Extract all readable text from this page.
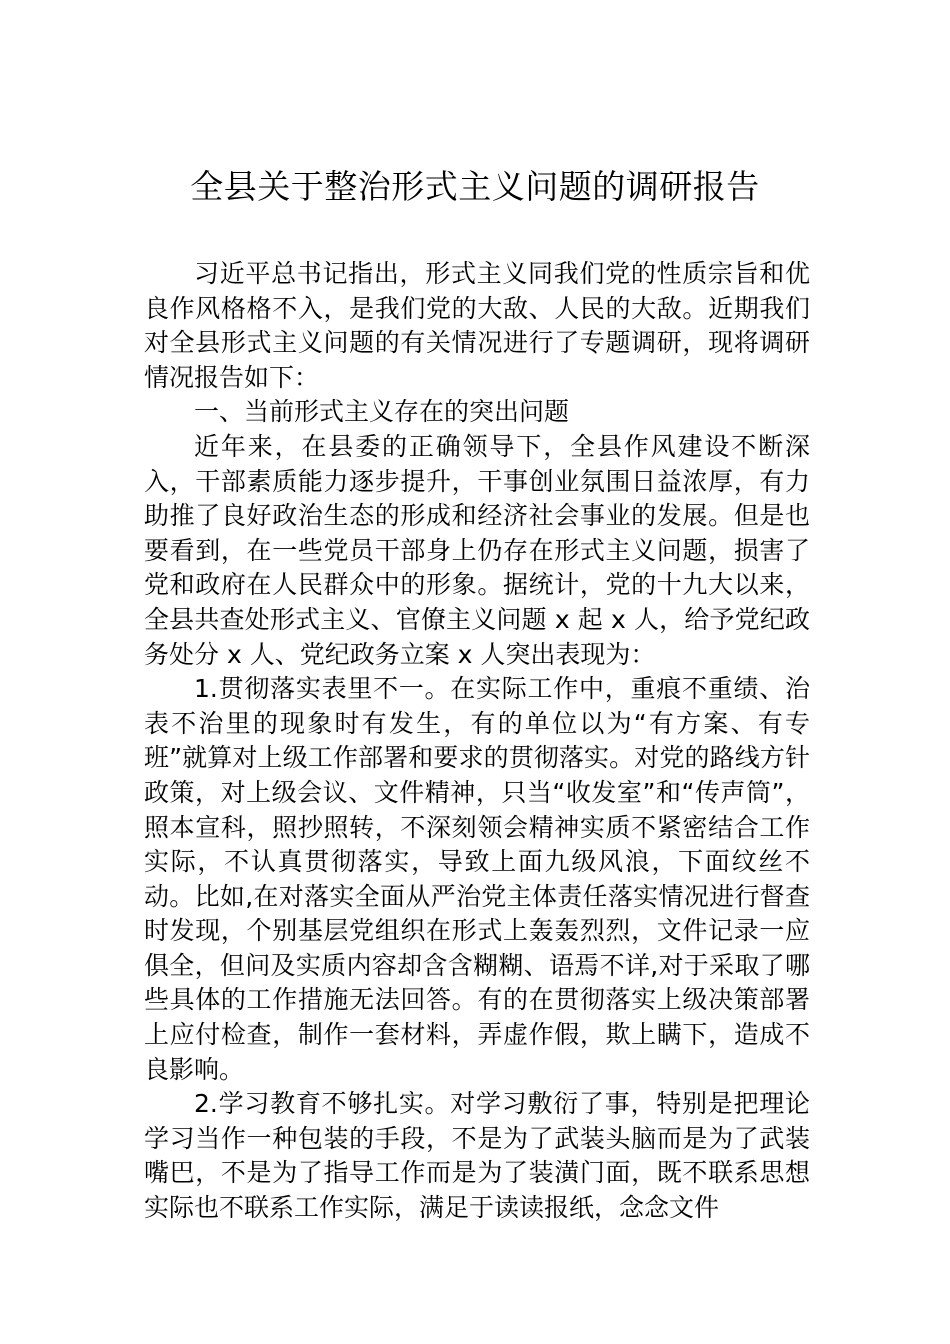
全县关于整治形式主义问题的调研报告

习近平总书记指出，形式主义同我们党的性质宗旨和优良作风格格不入，是我们党的大敌、人民的大敌。近期我们对全县形式主义问题的有关情况进行了专题调研，现将调研情况报告如下：

一、当前形式主义存在的突出问题

近年来，在县委的正确领导下，全县作风建设不断深入，干部素质能力逐步提升，干事创业氛围日益浓厚，有力助推了良好政治生态的形成和经济社会事业的发展。但是也要看到，在一些党员干部身上仍存在形式主义问题，损害了党和政府在人民群众中的形象。据统计，党的十九大以来，全县共查处形式主义、官僚主义问题 x 起 x 人，给予党纪政务处分 x 人、党纪政务立案 x 人突出表现为：

1.贯彻落实表里不一。在实际工作中，重痕不重绩、治表不治里的现象时有发生，有的单位以为“有方案、有专班”就算对上级工作部署和要求的贯彻落实。对党的路线方针政策，对上级会议、文件精神，只当“收发室”和“传声筒”，照本宣科，照抄照转，不深刻领会精神实质不紧密结合工作实际，不认真贯彻落实，导致上面九级风浪，下面纹丝不动。比如,在对落实全面从严治党主体责任落实情况进行督查时发现，个别基层党组织在形式上轰轰烈烈，文件记录一应俱全，但问及实质内容却含含糊糊、语焉不详,对于采取了哪些具体的工作措施无法回答。有的在贯彻落实上级决策部署上应付检查，制作一套材料，弄虚作假，欺上瞒下，造成不良影响。

2.学习教育不够扎实。对学习敷衍了事，特别是把理论学习当作一种包装的手段，不是为了武装头脑而是为了武装嘴巴，不是为了指导工作而是为了装潢门面，既不联系思想实际也不联系工作实际，满足于读读报纸，念念文件
